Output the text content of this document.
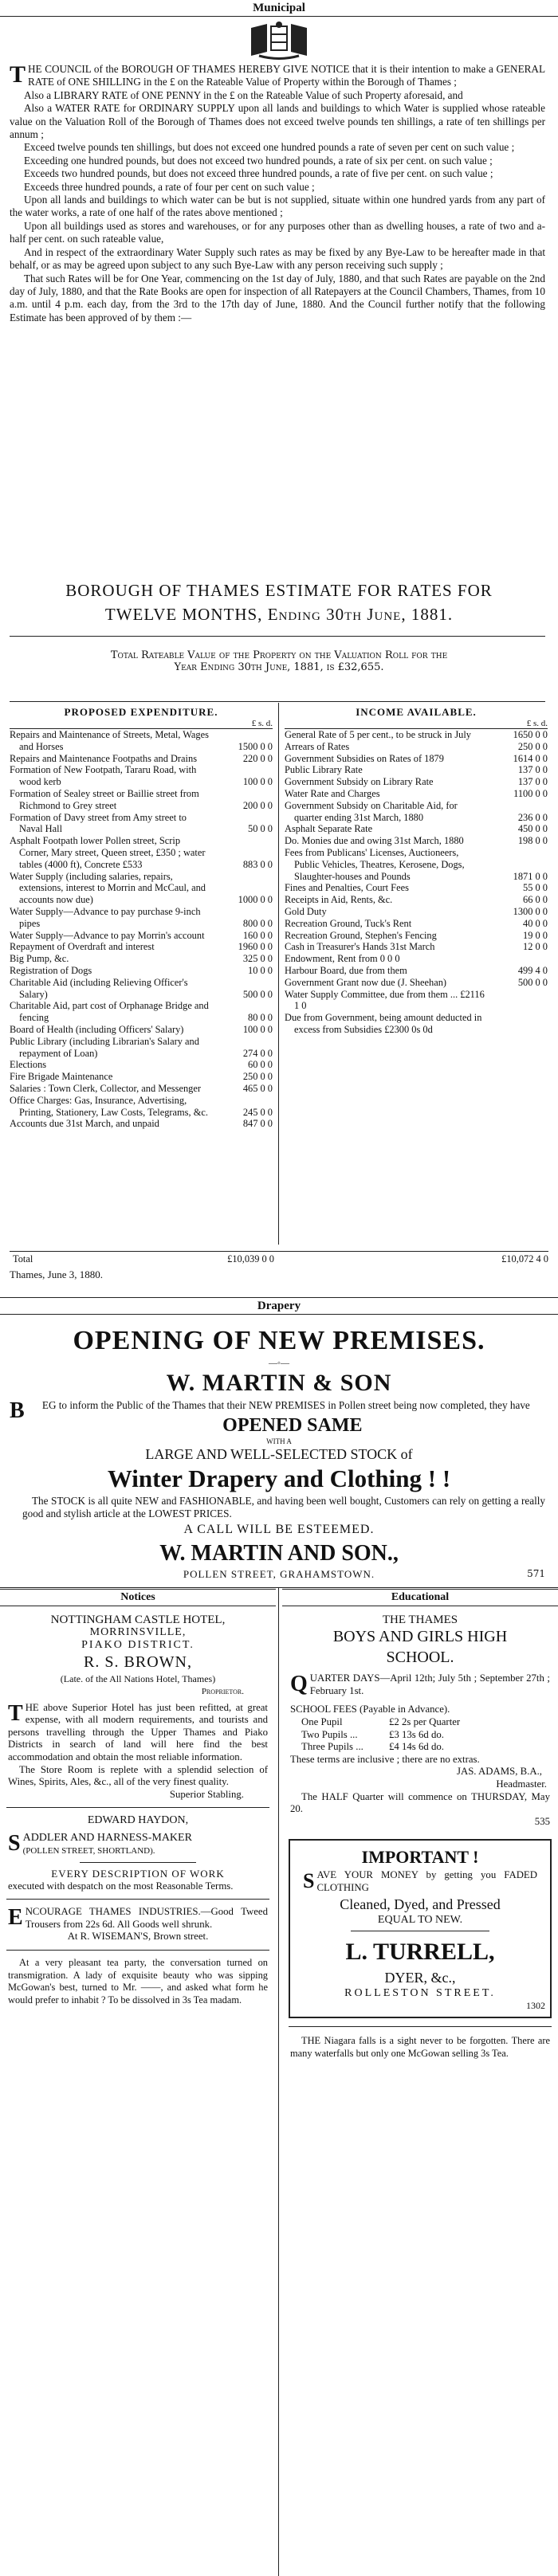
Municipal

THE COUNCIL of the BOROUGH OF THAMES HEREBY GIVE NOTICE that it is their intention to make a GENERAL RATE of ONE SHILLING in the £ on the Rateable Value of Property within the Borough of Thames ;

Also a LIBRARY RATE of ONE PENNY in the £ on the Rateable Value of such Property aforesaid, and

Also a WATER RATE for ORDINARY SUPPLY upon all lands and buildings to which Water is supplied whose rateable value on the Valuation Roll of the Borough of Thames does not exceed twelve pounds ten shillings, a rate of ten shillings per annum ;

Exceed twelve pounds ten shillings, but does not exceed one hundred pounds a rate of seven per cent on such value ;

Exceeding one hundred pounds, but does not exceed two hundred pounds, a rate of six per cent. on such value ;

Exceeds two hundred pounds, but does not exceed three hundred pounds, a rate of five per cent. on such value ;

Exceeds three hundred pounds, a rate of four per cent on such value ;

Upon all lands and buildings to which water can be but is not supplied, situate within one hundred yards from any part of the water works, a rate of one half of the rates above mentioned ;

Upon all buildings used as stores and warehouses, or for any purposes other than as dwelling houses, a rate of two and a-half per cent. on such rateable value,

And in respect of the extraordinary Water Supply such rates as may be fixed by any Bye-Law to be hereafter made in that behalf, or as may be agreed upon subject to any such Bye-Law with any person receiving such supply ;

That such Rates will be for One Year, commencing on the 1st day of July, 1880, and that such Rates are payable on the 2nd day of July, 1880, and that the Rate Books are open for inspection of all Ratepayers at the Council Chambers, Thames, from 10 a.m. until 4 p.m. each day, from the 3rd to the 17th day of June, 1880. And the Council further notify that the following Estimate has been approved of by them :—

BOROUGH OF THAMES ESTIMATE FOR RATES FOR
TWELVE MONTHS, Ending 30th June, 1881.
Total Rateable Value of the Property on the Valuation Roll for the
Year Ending 30th June, 1881, is £32,655.
PROPOSED EXPENDITURE.
£ s. d.
Repairs and Maintenance of Streets, Metal, Wages and Horses	1500 0 0
Repairs and Maintenance Footpaths and Drains	220 0 0
Formation of New Footpath, Tararu Road, with wood kerb	100 0 0
Formation of Sealey street or Baillie street from Richmond to Grey street	200 0 0
Formation of Davy street from Amy street to Naval Hall	50 0 0
Asphalt Footpath lower Pollen street, Scrip Corner, Mary street, Queen street, £350 ; water tables (4000 ft), Concrete £533	883 0 0
Water Supply (including salaries, repairs, extensions, interest to Morrin and McCaul, and accounts now due)	1000 0 0
Water Supply—Advance to pay purchase 9-inch pipes	800 0 0
Water Supply—Advance to pay Morrin's account	160 0 0
Repayment of Overdraft and interest	1960 0 0
Big Pump, &c.	325 0 0
Registration of Dogs	10 0 0
Charitable Aid (including Relieving Officer's Salary)	500 0 0
Charitable Aid, part cost of Orphanage Bridge and fencing	80 0 0
Board of Health (including Officers' Salary)	100 0 0
Public Library (including Librarian's Salary and repayment of Loan)	274 0 0
Elections	60 0 0
Fire Brigade Maintenance	250 0 0
Salaries : Town Clerk, Collector, and Messenger	465 0 0
Office Charges: Gas, Insurance, Advertising, Printing, Stationery, Law Costs, Telegrams, &c.	245 0 0
Accounts due 31st March, and unpaid	847 0 0
INCOME AVAILABLE.
£ s. d.
General Rate of 5 per cent., to be struck in July	1650 0 0
Arrears of Rates	250 0 0
Government Subsidies on Rates of 1879	1614 0 0
Public Library Rate	137 0 0
Government Subsidy on Library Rate	137 0 0
Water Rate and Charges	1100 0 0
Government Subsidy on Charitable Aid, for quarter ending 31st March, 1880	236 0 0
Asphalt Separate Rate	450 0 0
Do. Monies due and owing 31st March, 1880	198 0 0
Fees from Publicans' Licenses, Auctioneers, Public Vehicles, Theatres, Kerosene, Dogs, Slaughter-houses and Pounds	1871 0 0
Fines and Penalties, Court Fees	55 0 0
Receipts in Aid, Rents, &c.	66 0 0
Gold Duty	1300 0 0
Recreation Ground, Tuck's Rent	40 0 0
Recreation Ground, Stephen's Fencing	19 0 0
Cash in Treasurer's Hands 31st March	12 0 0
Endowment, Rent from 0 0 0
Harbour Board, due from them	499 4 0
Government Grant now due (J. Sheehan)	500 0 0
Water Supply Committee, due from them ... £2116 1 0
Due from Government, being amount deducted in excess from Subsidies £2300 0s 0d
Total	£10,039 0 0	£10,072 4 0
Thames, June 3, 1880.
Drapery
OPENING OF NEW PREMISES.
—◦—
W. MARTIN & SON
B EG to inform the Public of the Thames that their NEW PREMISES in Pollen street being now completed, they have
OPENED SAME
WITH A
LARGE AND WELL-SELECTED STOCK of
Winter Drapery and Clothing ! !
The STOCK is all quite NEW and FASHIONABLE, and having been well bought, Customers can rely on getting a really good and stylish article at the LOWEST PRICES.
A CALL WILL BE ESTEEMED.
W. MARTIN AND SON.,
POLLEN STREET, GRAHAMSTOWN.	571
Notices
NOTTINGHAM CASTLE HOTEL,
MORRINSVILLE,
PIAKO DISTRICT.
R. S. BROWN,
(Late. of the All Nations Hotel, Thames)
Proprietor.
THE above Superior Hotel has just been refitted, at great expense, with all modern requirements, and tourists and persons travelling through the Upper Thames and Piako Districts in search of land will here find the best accommodation and obtain the most reliable information.
The Store Room is replete with a splendid selection of Wines, Spirits, Ales, &c., all of the very finest quality.
Superior Stabling.
EDWARD HAYDON,
SADDLER AND HARNESS-MAKER
(POLLEN STREET, SHORTLAND).
EVERY DESCRIPTION OF WORK
executed with despatch on the most Reasonable Terms.
ENCOURAGE THAMES INDUSTRIES.—Good Tweed Trousers from 22s 6d. All Goods well shrunk.
At R. WISEMAN'S, Brown street.
At a very pleasant tea party, the conversation turned on transmigration. A lady of exquisite beauty who was sipping McGowan's best, turned to Mr. ——, and asked what form he would prefer to inhabit ? To be dissolved in 3s Tea madam.
Educational
THE THAMES
BOYS AND GIRLS HIGH
SCHOOL.
QUARTER DAYS—April 12th; July 5th ; September 27th ; February 1st.
SCHOOL FEES (Payable in Advance).
One Pupil	£2 2s per Quarter
Two Pupils ...	£3 13s 6d do.
Three Pupils ...	£4 14s 6d do.
These terms are inclusive ; there are no extras.
JAS. ADAMS, B.A.,
Headmaster.
The HALF Quarter will commence on THURSDAY, May 20.
535
IMPORTANT !
SAVE YOUR MONEY by getting you FADED CLOTHING
Cleaned, Dyed, and Pressed
EQUAL TO NEW.
L. TURRELL,
DYER, &c.,
ROLLESTON STREET.
1302
THE Niagara falls is a sight never to be forgotten. There are many waterfalls but only one McGowan selling 3s Tea.
